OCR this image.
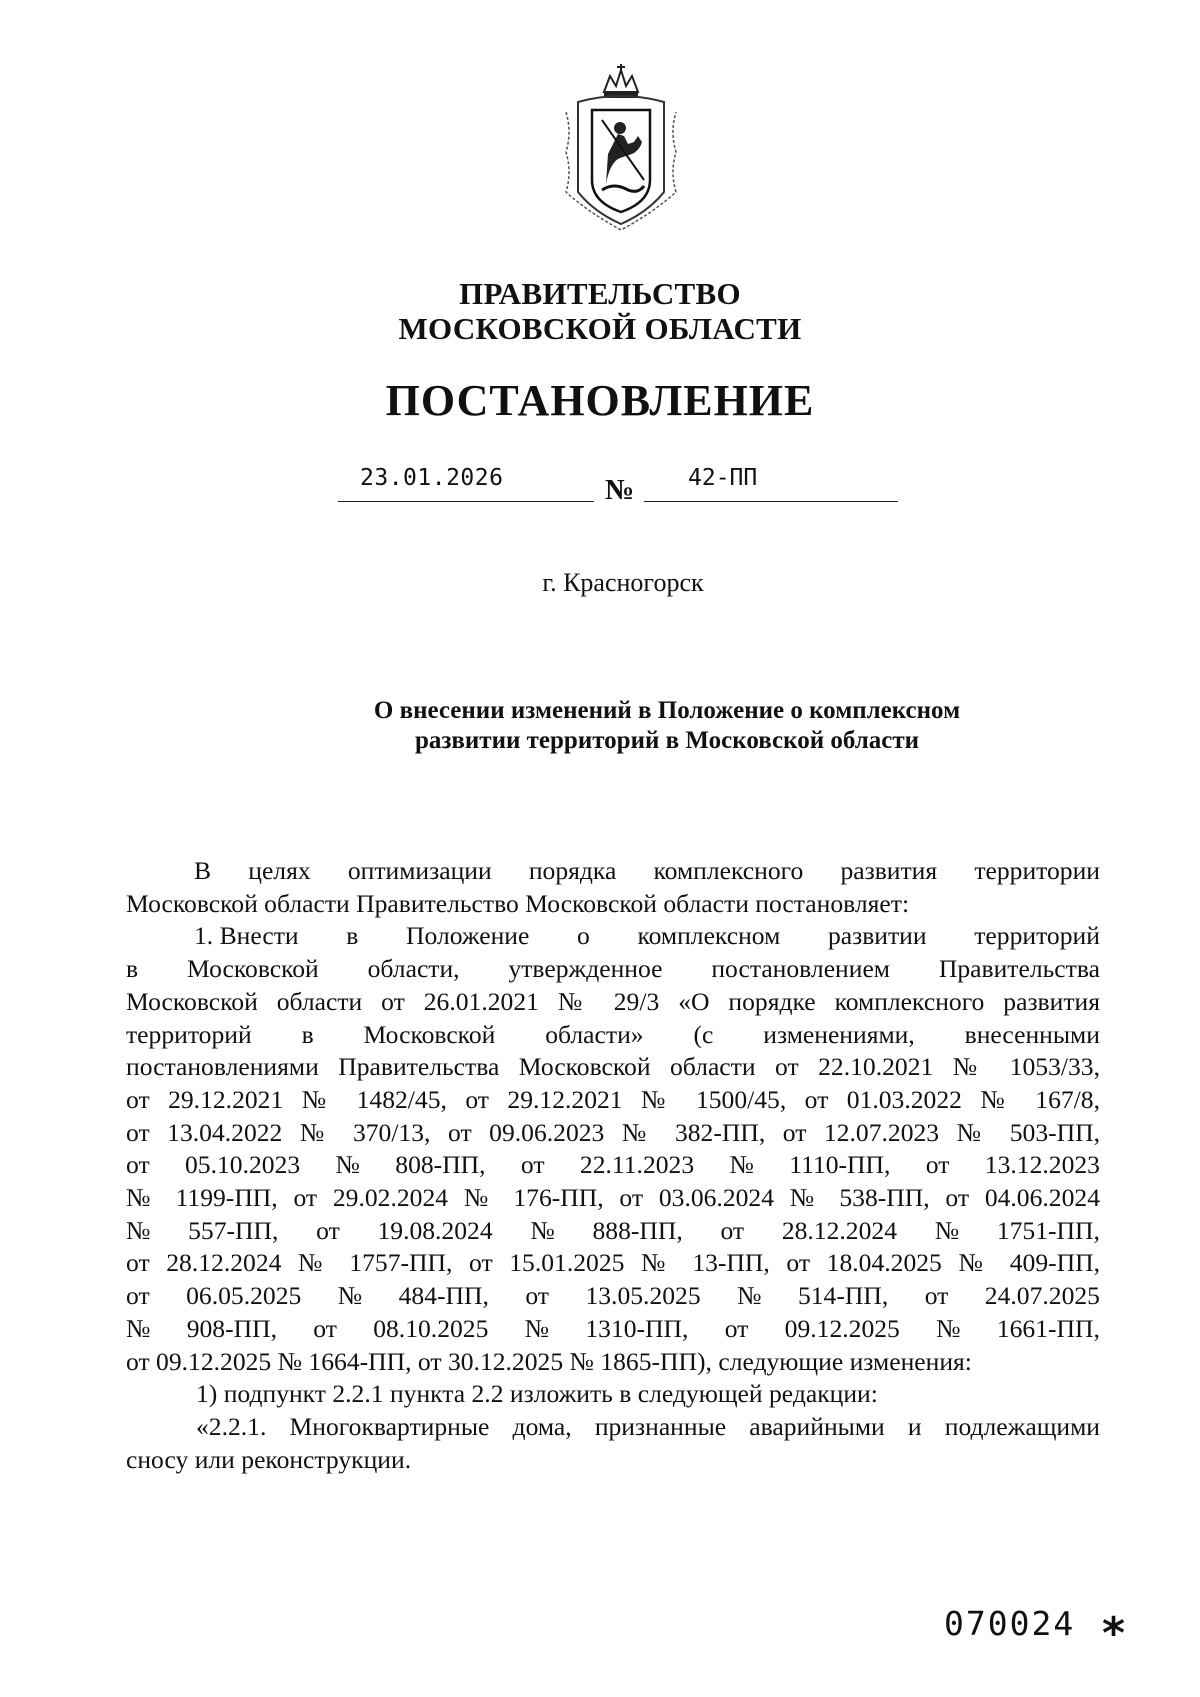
ПРАВИТЕЛЬСТВО
МОСКОВСКОЙ ОБЛАСТИ
ПОСТАНОВЛЕНИЕ
23.01.2026	№ 42-ПП
г. Красногорск
О внесении изменений в Положение о комплексном
развитии территорий в Московской области
В целях оптимизации порядка комплексного развития территории
Московской области Правительство Московской области постановляет:
1. Внести в Положение о комплексном развитии территорий
в Московской области, утвержденное постановлением Правительства
Московской области от 26.01.2021 № 29/3 «О порядке комплексного развития
территорий в Московской области» (с изменениями, внесенными
постановлениями Правительства Московской области от 22.10.2021 № 1053/33,
от 29.12.2021 № 1482/45, от 29.12.2021 № 1500/45, от 01.03.2022 № 167/8,
от 13.04.2022 № 370/13, от 09.06.2023 № 382-ПП, от 12.07.2023 № 503-ПП,
от 05.10.2023 № 808-ПП, от 22.11.2023 № 1110-ПП, от 13.12.2023
№ 1199-ПП, от 29.02.2024 № 176-ПП, от 03.06.2024 № 538-ПП, от 04.06.2024
№ 557-ПП, от 19.08.2024 № 888-ПП, от 28.12.2024 № 1751-ПП,
от 28.12.2024 № 1757-ПП, от 15.01.2025 № 13-ПП, от 18.04.2025 № 409-ПП,
от 06.05.2025 № 484-ПП, от 13.05.2025 № 514-ПП, от 24.07.2025
№ 908-ПП, от 08.10.2025 № 1310-ПП, от 09.12.2025 № 1661-ПП,
от 09.12.2025 № 1664-ПП, от 30.12.2025 № 1865-ПП), следующие изменения:
1) подпункт 2.2.1 пункта 2.2 изложить в следующей редакции:
«2.2.1. Многоквартирные дома, признанные аварийными и подлежащими
сносу или реконструкции.
070024 *
